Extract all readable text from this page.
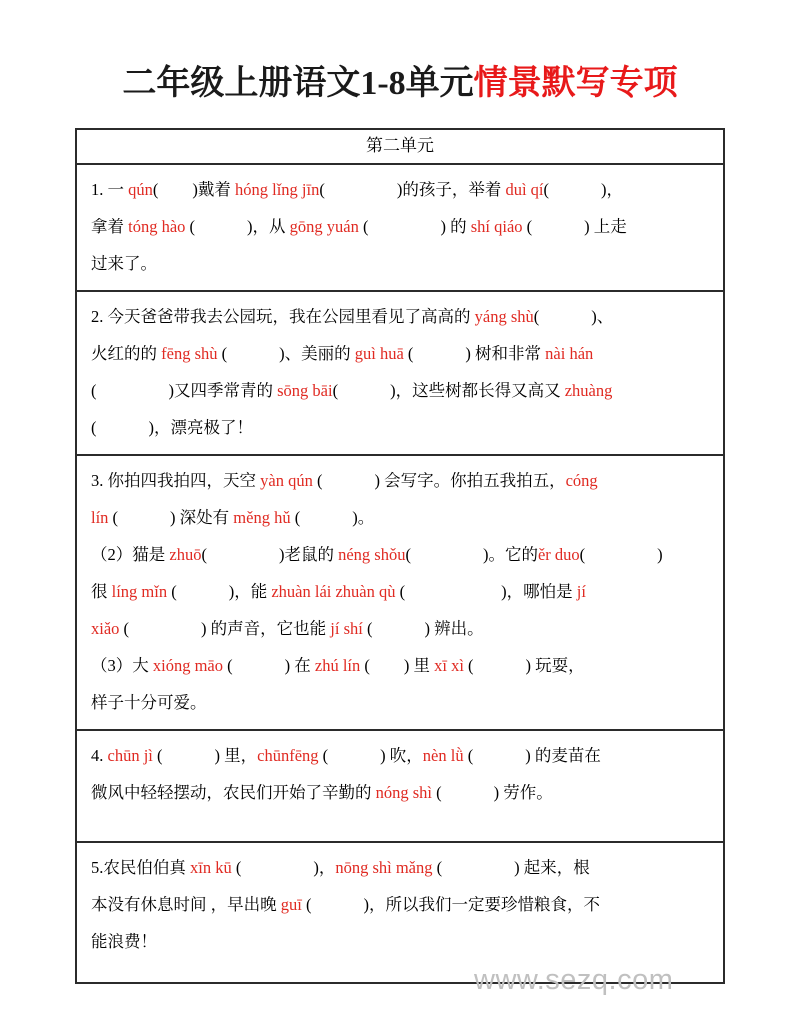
二年级上册语文1-8单元情景默写专项
第二单元

1. 一 qún( )戴着 hóng lǐng jīn(	)的孩子，举着 duì qí(	)，

拿着 tóng hào (	)，从 gōng yuán (	) 的 shí qiáo (	) 上走

过来了。

2. 今天爸爸带我去公园玩，我在公园里看见了高高的 yáng shù(	)、

火红的的 fēng shù (	)、美丽的 guì huā (	) 树和非常 nài hán

(	)又四季常青的 sōng bāi(	)，这些树都长得又高又 zhuàng

(	)，漂亮极了！

3. 你拍四我拍四，天空 yàn qún (	) 会写字。你拍五我拍五，cóng

lín (	) 深处有 měng hǔ (	)。

（2）猫是 zhuō(	)老鼠的 néng shǒu(	)。它的ěr duo(	)

很 líng mǐn (	)，能 zhuàn lái zhuàn qù (	)，哪怕是 jí

xiǎo (	) 的声音，它也能 jí shí (	) 辨出。

（3）大 xióng māo (	) 在 zhú lín ( ) 里 xī xì (	) 玩耍，

样子十分可爱。

4. chūn jì (	) 里，chūnfēng (	) 吹，nèn lǜ (	) 的麦苗在

微风中轻轻摆动，农民们开始了辛勤的 nóng shì (	) 劳作。

5.农民伯伯真 xīn kū (	)，nōng shì mǎng (	) 起来，根

本没有休息时间 ，早出晚 guī (	)，所以我们一定要珍惜粮食，不

能浪费！

www.sezq.com
